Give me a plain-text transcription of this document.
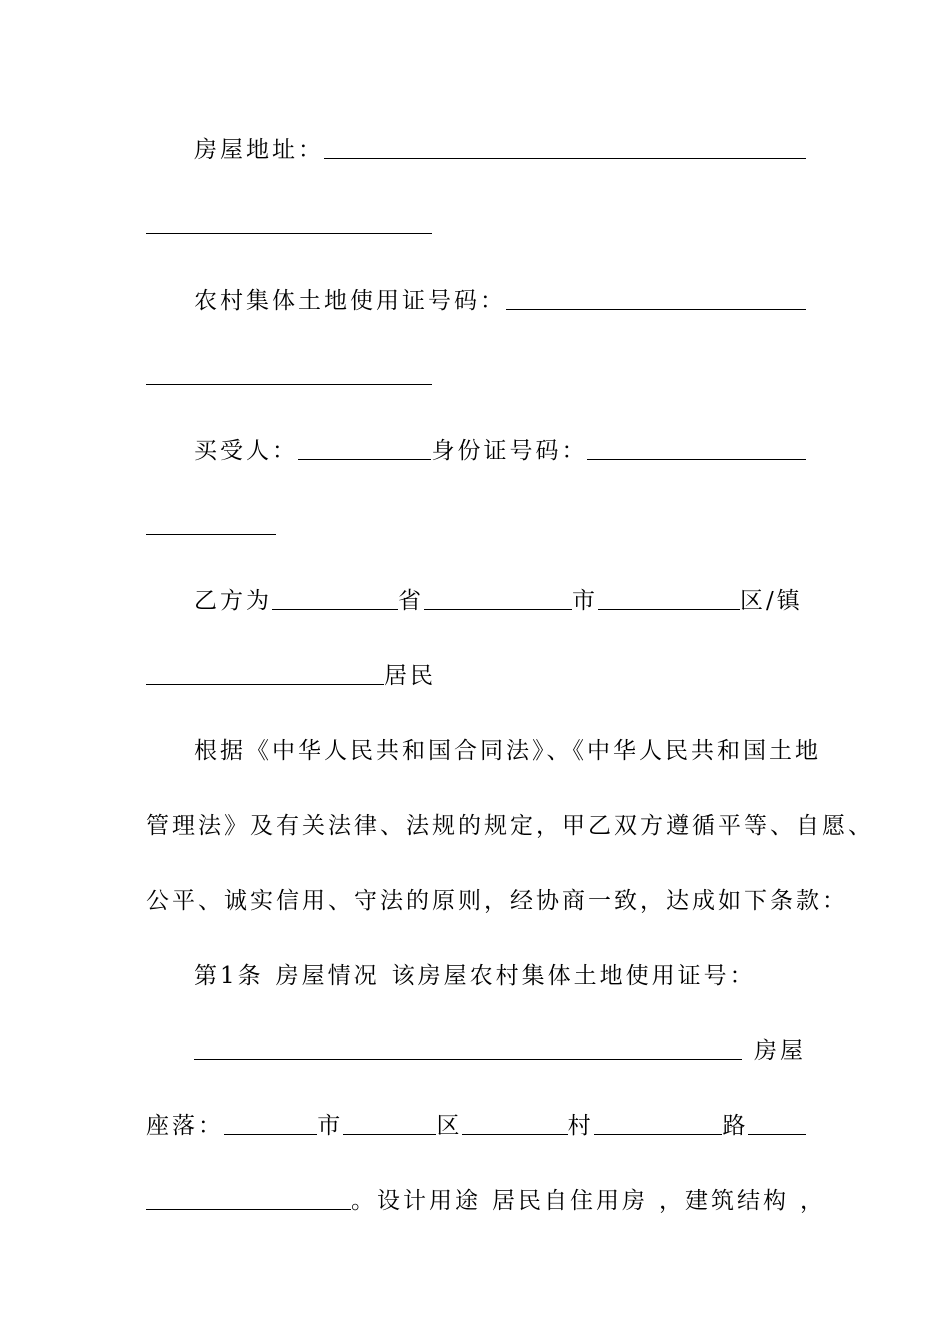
房屋地址：
农村集体土地使用证号码：
买受人：	身份证号码：
乙方为	省	市	区/镇
居民
根据《中华人民共和国合同法》、《中华人民共和国土地
管理法》及有关法律、法规的规定，甲乙双方遵循平等、自愿、
公平、诚实信用、守法的原则，经协商一致，达成如下条款：
第1条 房屋情况 该房屋农村集体土地使用证号：
房屋
座落：	市	区	村	路
。设计用途 居民自住用房 ，建筑结构 ，
